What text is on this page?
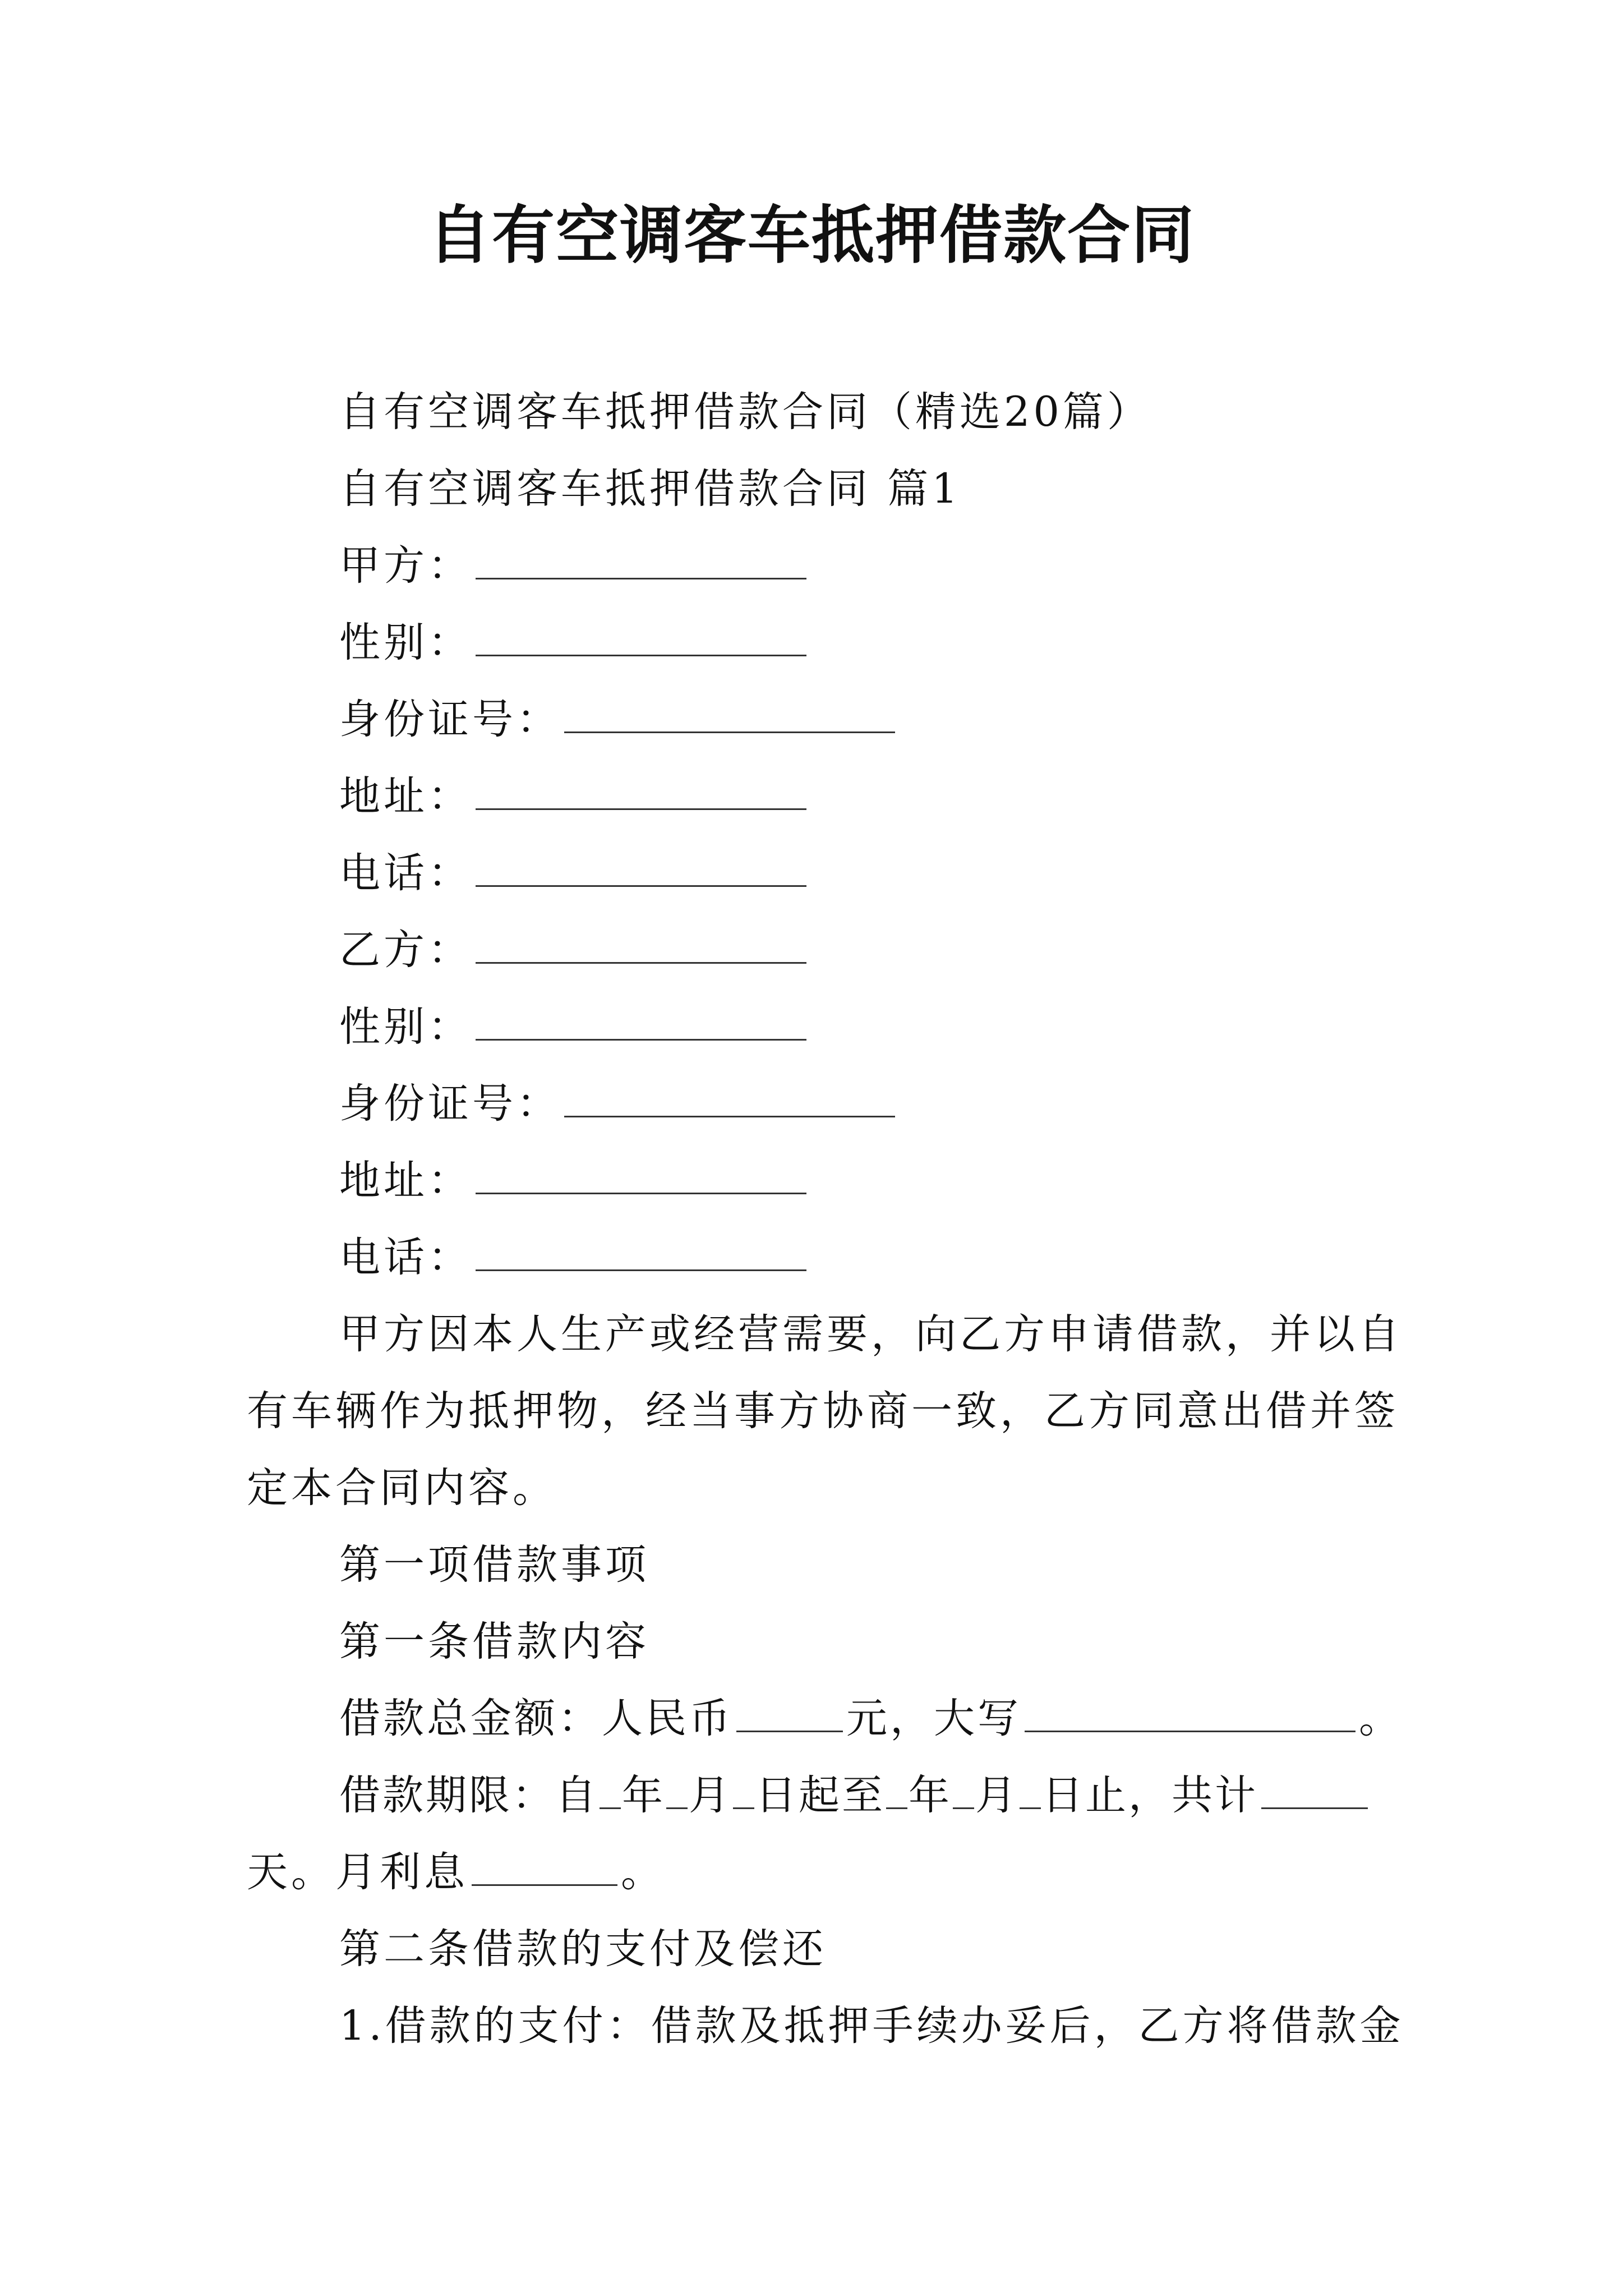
自有空调客车抵押借款合同
自有空调客车抵押借款合同（精选20篇）
自有空调客车抵押借款合同 篇1
甲方：
性别：
身份证号：
地址：
电话：
乙方：
性别：
身份证号：
地址：
电话：
甲方因本人生产或经营需要，向乙方申请借款，并以自
有车辆作为抵押物，经当事方协商一致，乙方同意出借并签
定本合同内容。
第一项借款事项
第一条借款内容
借款总金额：人民币	元，大写	。
借款期限：自 年 月 日起至 年 月 日止，共计
天。月利息	。
第二条借款的支付及偿还
1.借款的支付：借款及抵押手续办妥后，乙方将借款金
